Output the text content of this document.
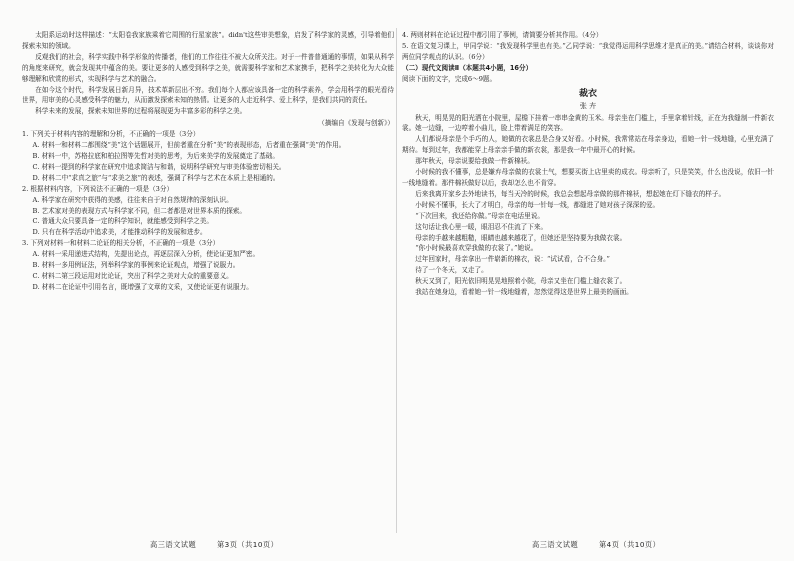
太阳系运动时这样描述：“太阳卷我家族乘着它周围的行星家族”。didn't这些审美想象，启发了科学家的灵感，引导着他们探索未知的领域。

反观我们的社会，科学实践中科学形象的传播者，他们的工作往往不被大众所关注。对于一件普普通通的事情，如果从科学的角度来研究，就会发现其中蕴含的美。要让更多的人感受到科学之美，就需要科学家和艺术家携手，把科学之美转化为大众能够理解和欣赏的形式，实现科学与艺术的融合。

在如今这个时代，科学发展日新月异，技术革新层出不穷。我们每个人都应该具备一定的科学素养，学会用科学的眼光看待世界，用审美的心灵感受科学的魅力，从而激发探索未知的热情。让更多的人走近科学、爱上科学，是我们共同的责任。

科学未来的发展，探索未知世界的过程将展现更为丰富多彩的科学之美。

（摘编自《发现与创新》）

1. 下列关于材料内容的理解和分析，不正确的一项是（3分）

A. 材料一和材料二都围绕“美”这个话题展开，但前者重在分析“美”的表现形态，后者重在强调“美”的作用。

B. 材料一中，苏格拉底和柏拉图等先哲对美的思考，为后来美学的发展奠定了基础。

C. 材料一提到的科学家在研究中追求简洁与和谐，说明科学研究与审美体验密切相关。

D. 材料二中“求真之旅”与“求美之旅”的表述，强调了科学与艺术在本质上是相通的。

2. 根据材料内容，下列说法不正确的一项是（3分）

A. 科学家在研究中获得的美感，往往来自于对自然规律的深刻认识。

B. 艺术家对美的表现方式与科学家不同，但二者都是对世界本质的探索。

C. 普通大众只要具备一定的科学知识，就能感受到科学之美。

D. 只有在科学活动中追求美，才能推动科学的发展和进步。

3. 下列对材料一和材料二论证的相关分析，不正确的一项是（3分）

A. 材料一采用递进式结构，先提出论点，再逐层深入分析，使论证更加严密。

B. 材料一多用例证法，列举科学家的事例来论证观点，增强了说服力。

C. 材料二第三段运用对比论证，突出了科学之美对大众的重要意义。

D. 材料二在论证中引用名言，既增强了文章的文采，又使论证更有说服力。

4. 两则材料在论证过程中都引用了事例，请简要分析其作用。（4分）

5. 在语文复习课上，甲同学说：“我发现科学里也有美。”乙同学说：“我觉得运用科学思维才是真正的美。”请结合材料，谈谈你对两位同学观点的认识。（6分）

（二）现代文阅读Ⅱ（本题共4小题，16分）

阅读下面的文字，完成6～9题。

裁衣
张 卉

秋天，明晃晃的阳光洒在小院里，屋檐下挂着一串串金黄的玉米。母亲坐在门槛上，手里拿着针线，正在为我缝制一件新衣裳。她一边缝，一边哼着小曲儿，脸上带着满足的笑容。

人们都说母亲是个手巧的人，她做的衣裳总是合身又好看。小时候，我常常站在母亲身边，看她一针一线地缝，心里充满了期待。每到过年，我都能穿上母亲亲手做的新衣裳，那是我一年中最开心的时候。

那年秋天，母亲说要给我做一件新棉袄。

小时候的我不懂事，总是嫌弃母亲做的衣裳土气，想要买街上店里卖的成衣。母亲听了，只是笑笑，什么也没说，依旧一针一线地缝着。那件棉袄做好以后，我却怎么也不肯穿。

后来我离开家乡去外地读书，每当天冷的时候，我总会想起母亲做的那件棉袄，想起她在灯下缝衣的样子。

小时候不懂事，长大了才明白，母亲的每一针每一线，都缝进了她对孩子深深的爱。

“下次回来，我还给你做。”母亲在电话里说。

这句话让我心里一暖，眼泪忍不住流了下来。

母亲的手越来越粗糙，眼睛也越来越花了，但她还是坚持要为我做衣裳。

“你小时候最喜欢穿我做的衣裳了。”她说。

过年回家时，母亲拿出一件崭新的棉衣，说：“试试看，合不合身。”

待了一个冬天，又走了。

秋天又到了，阳光依旧明晃晃地照着小院，母亲又坐在门槛上缝衣裳了。

我站在她身边，看着她一针一线地缝着，忽然觉得这是世界上最美的画面。

高三语文试题	第3页（共10页）	高三语文试题	第4页（共10页）
